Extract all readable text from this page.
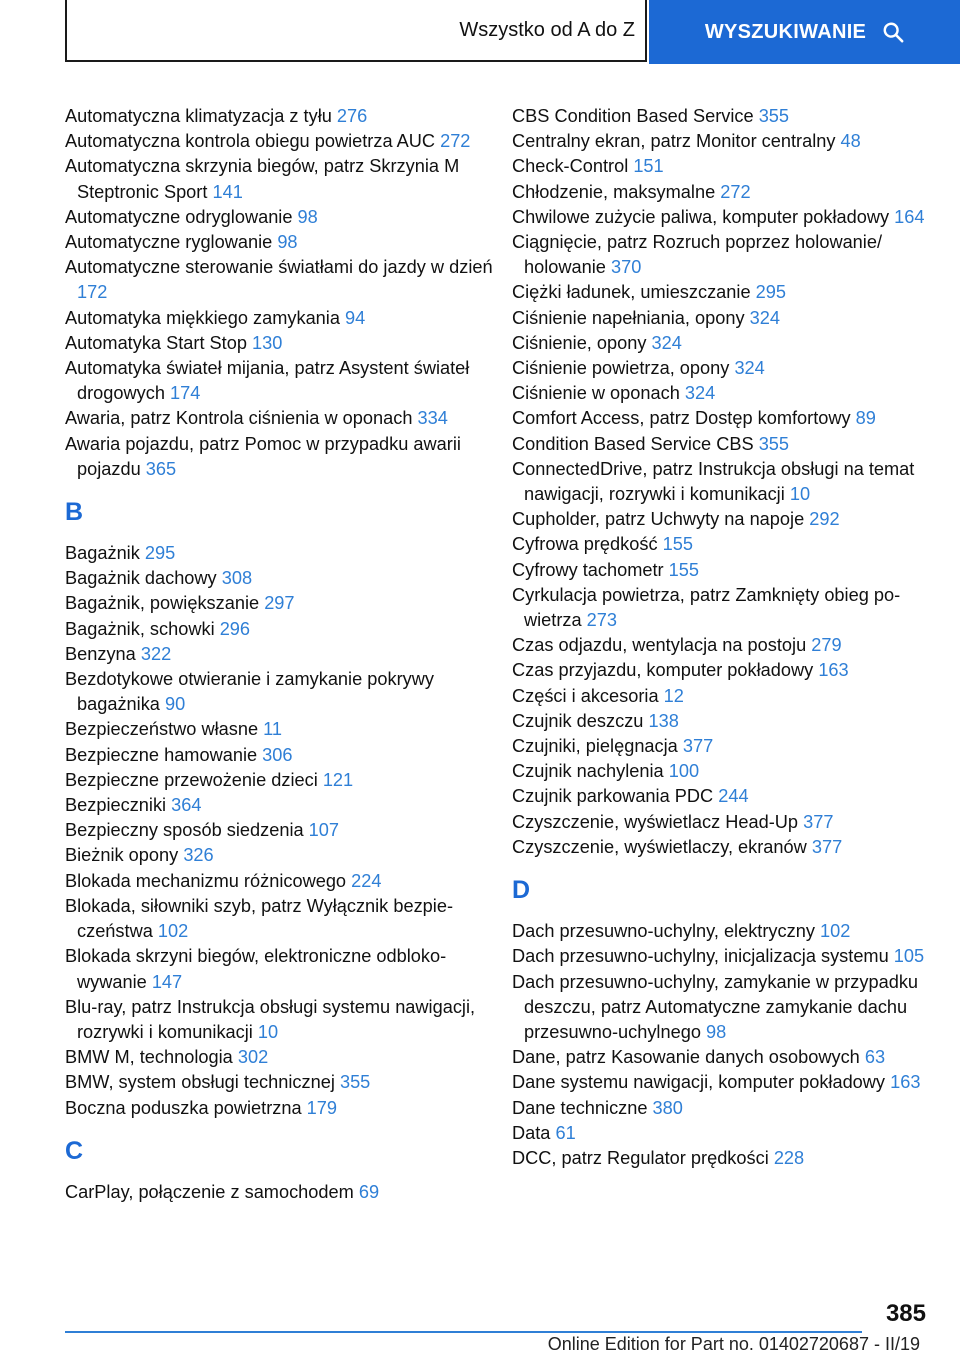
Wszystko od A do Z	WYSZUKIWANIE
Automatyczna klimatyzacja z tyłu 276
Automatyczna kontrola obiegu powietrza AUC 272
Automatyczna skrzynia biegów, patrz Skrzynia M Steptronic Sport 141
Automatyczne odryglowanie 98
Automatyczne ryglowanie 98
Automatyczne sterowanie światłami do jazdy w dzień 172
Automatyka miękkiego zamykania 94
Automatyka Start Stop 130
Automatyka świateł mijania, patrz Asystent świateł drogowych 174
Awaria, patrz Kontrola ciśnienia w oponach 334
Awaria pojazdu, patrz Pomoc w przypadku awarii pojazdu 365
B
Bagażnik 295
Bagażnik dachowy 308
Bagażnik, powiększanie 297
Bagażnik, schowki 296
Benzyna 322
Bezdotykowe otwieranie i zamykanie pokrywy bagażnika 90
Bezpieczeństwo własne 11
Bezpieczne hamowanie 306
Bezpieczne przewożenie dzieci 121
Bezpieczniki 364
Bezpieczny sposób siedzenia 107
Bieżnik opony 326
Blokada mechanizmu różnicowego 224
Blokada, siłowniki szyb, patrz Wyłącznik bezpieczeństwa 102
Blokada skrzyni biegów, elektroniczne odblokowywanie 147
Blu-ray, patrz Instrukcja obsługi systemu nawigacji, rozrywki i komunikacji 10
BMW M, technologia 302
BMW, system obsługi technicznej 355
Boczna poduszka powietrzna 179
C
CarPlay, połączenie z samochodem 69
CBS Condition Based Service 355
Centralny ekran, patrz Monitor centralny 48
Check-Control 151
Chłodzenie, maksymalne 272
Chwilowe zużycie paliwa, komputer pokładowy 164
Ciągnięcie, patrz Rozruch poprzez holowanie/ holowanie 370
Ciężki ładunek, umieszczanie 295
Ciśnienie napełniania, opony 324
Ciśnienie, opony 324
Ciśnienie powietrza, opony 324
Ciśnienie w oponach 324
Comfort Access, patrz Dostęp komfortowy 89
Condition Based Service CBS 355
ConnectedDrive, patrz Instrukcja obsługi na temat nawigacji, rozrywki i komunikacji 10
Cupholder, patrz Uchwyty na napoje 292
Cyfrowa prędkość 155
Cyfrowy tachometr 155
Cyrkulacja powietrza, patrz Zamknięty obieg powietrza 273
Czas odjazdu, wentylacja na postoju 279
Czas przyjazdu, komputer pokładowy 163
Części i akcesoria 12
Czujnik deszczu 138
Czujniki, pielęgnacja 377
Czujnik nachylenia 100
Czujnik parkowania PDC 244
Czyszczenie, wyświetlacz Head-Up 377
Czyszczenie, wyświetlaczy, ekranów 377
D
Dach przesuwno-uchylny, elektryczny 102
Dach przesuwno-uchylny, inicjalizacja systemu 105
Dach przesuwno-uchylny, zamykanie w przypadku deszczu, patrz Automatyczne zamykanie dachu przesuwno-uchylnego 98
Dane, patrz Kasowanie danych osobowych 63
Dane systemu nawigacji, komputer pokładowy 163
Dane techniczne 380
Data 61
DCC, patrz Regulator prędkości 228
385
Online Edition for Part no. 01402720687 - II/19
